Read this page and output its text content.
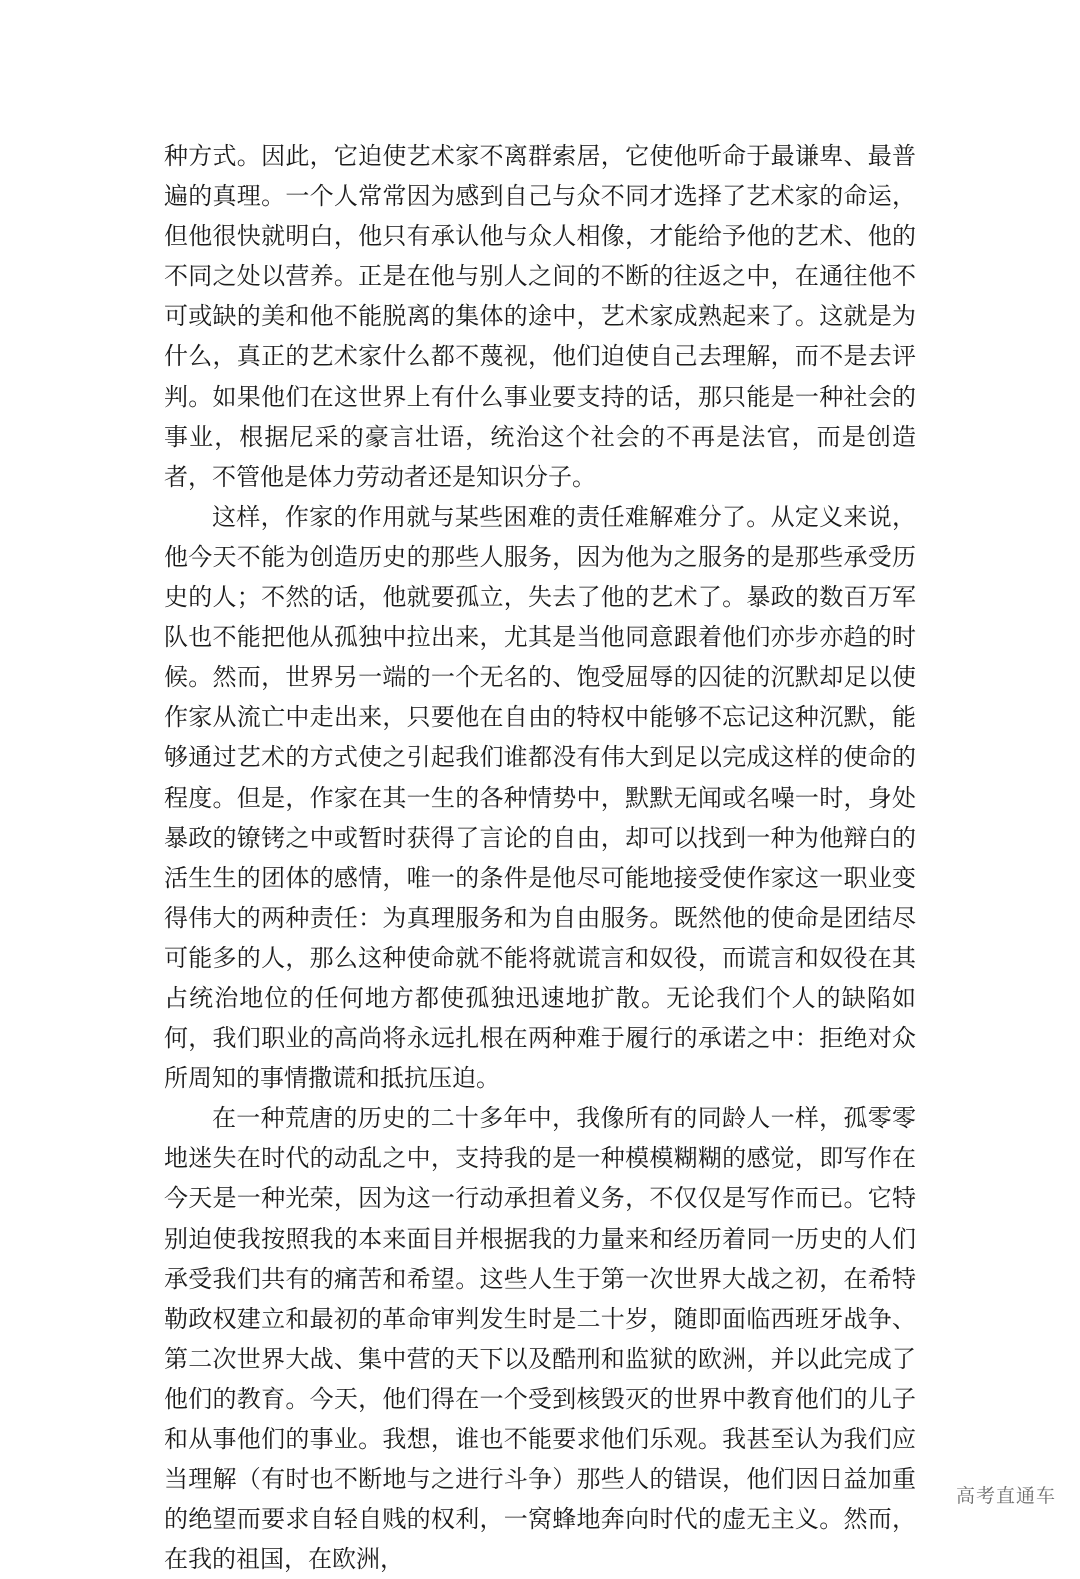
种方式。因此，它迫使艺术家不离群索居，它使他听命于最谦卑、最普遍的真理。一个人常常因为感到自己与众不同才选择了艺术家的命运，但他很快就明白，他只有承认他与众人相像，才能给予他的艺术、他的不同之处以营养。正是在他与别人之间的不断的往返之中，在通往他不可或缺的美和他不能脱离的集体的途中，艺术家成熟起来了。这就是为什么，真正的艺术家什么都不蔑视，他们迫使自己去理解，而不是去评判。如果他们在这世界上有什么事业要支持的话，那只能是一种社会的事业，根据尼采的豪言壮语，统治这个社会的不再是法官，而是创造者，不管他是体力劳动者还是知识分子。

这样，作家的作用就与某些困难的责任难解难分了。从定义来说，他今天不能为创造历史的那些人服务，因为他为之服务的是那些承受历史的人；不然的话，他就要孤立，失去了他的艺术了。暴政的数百万军队也不能把他从孤独中拉出来，尤其是当他同意跟着他们亦步亦趋的时候。然而，世界另一端的一个无名的、饱受屈辱的囚徒的沉默却足以使作家从流亡中走出来，只要他在自由的特权中能够不忘记这种沉默，能够通过艺术的方式使之引起我们谁都没有伟大到足以完成这样的使命的程度。但是，作家在其一生的各种情势中，默默无闻或名噪一时，身处暴政的镣铐之中或暂时获得了言论的自由，却可以找到一种为他辩白的活生生的团体的感情，唯一的条件是他尽可能地接受使作家这一职业变得伟大的两种责任：为真理服务和为自由服务。既然他的使命是团结尽可能多的人，那么这种使命就不能将就谎言和奴役，而谎言和奴役在其占统治地位的任何地方都使孤独迅速地扩散。无论我们个人的缺陷如何，我们职业的高尚将永远扎根在两种难于履行的承诺之中：拒绝对众所周知的事情撒谎和抵抗压迫。

在一种荒唐的历史的二十多年中，我像所有的同龄人一样，孤零零地迷失在时代的动乱之中，支持我的是一种模模糊糊的感觉，即写作在今天是一种光荣，因为这一行动承担着义务，不仅仅是写作而已。它特别迫使我按照我的本来面目并根据我的力量来和经历着同一历史的人们承受我们共有的痛苦和希望。这些人生于第一次世界大战之初，在希特勒政权建立和最初的革命审判发生时是二十岁，随即面临西班牙战争、第二次世界大战、集中营的天下以及酷刑和监狱的欧洲，并以此完成了他们的教育。今天，他们得在一个受到核毁灭的世界中教育他们的儿子和从事他们的事业。我想，谁也不能要求他们乐观。我甚至认为我们应当理解（有时也不断地与之进行斗争）那些人的错误，他们因日益加重的绝望而要求自轻自贱的权利，一窝蜂地奔向时代的虚无主义。然而，在我的祖国，在欧洲，

高考直通车
